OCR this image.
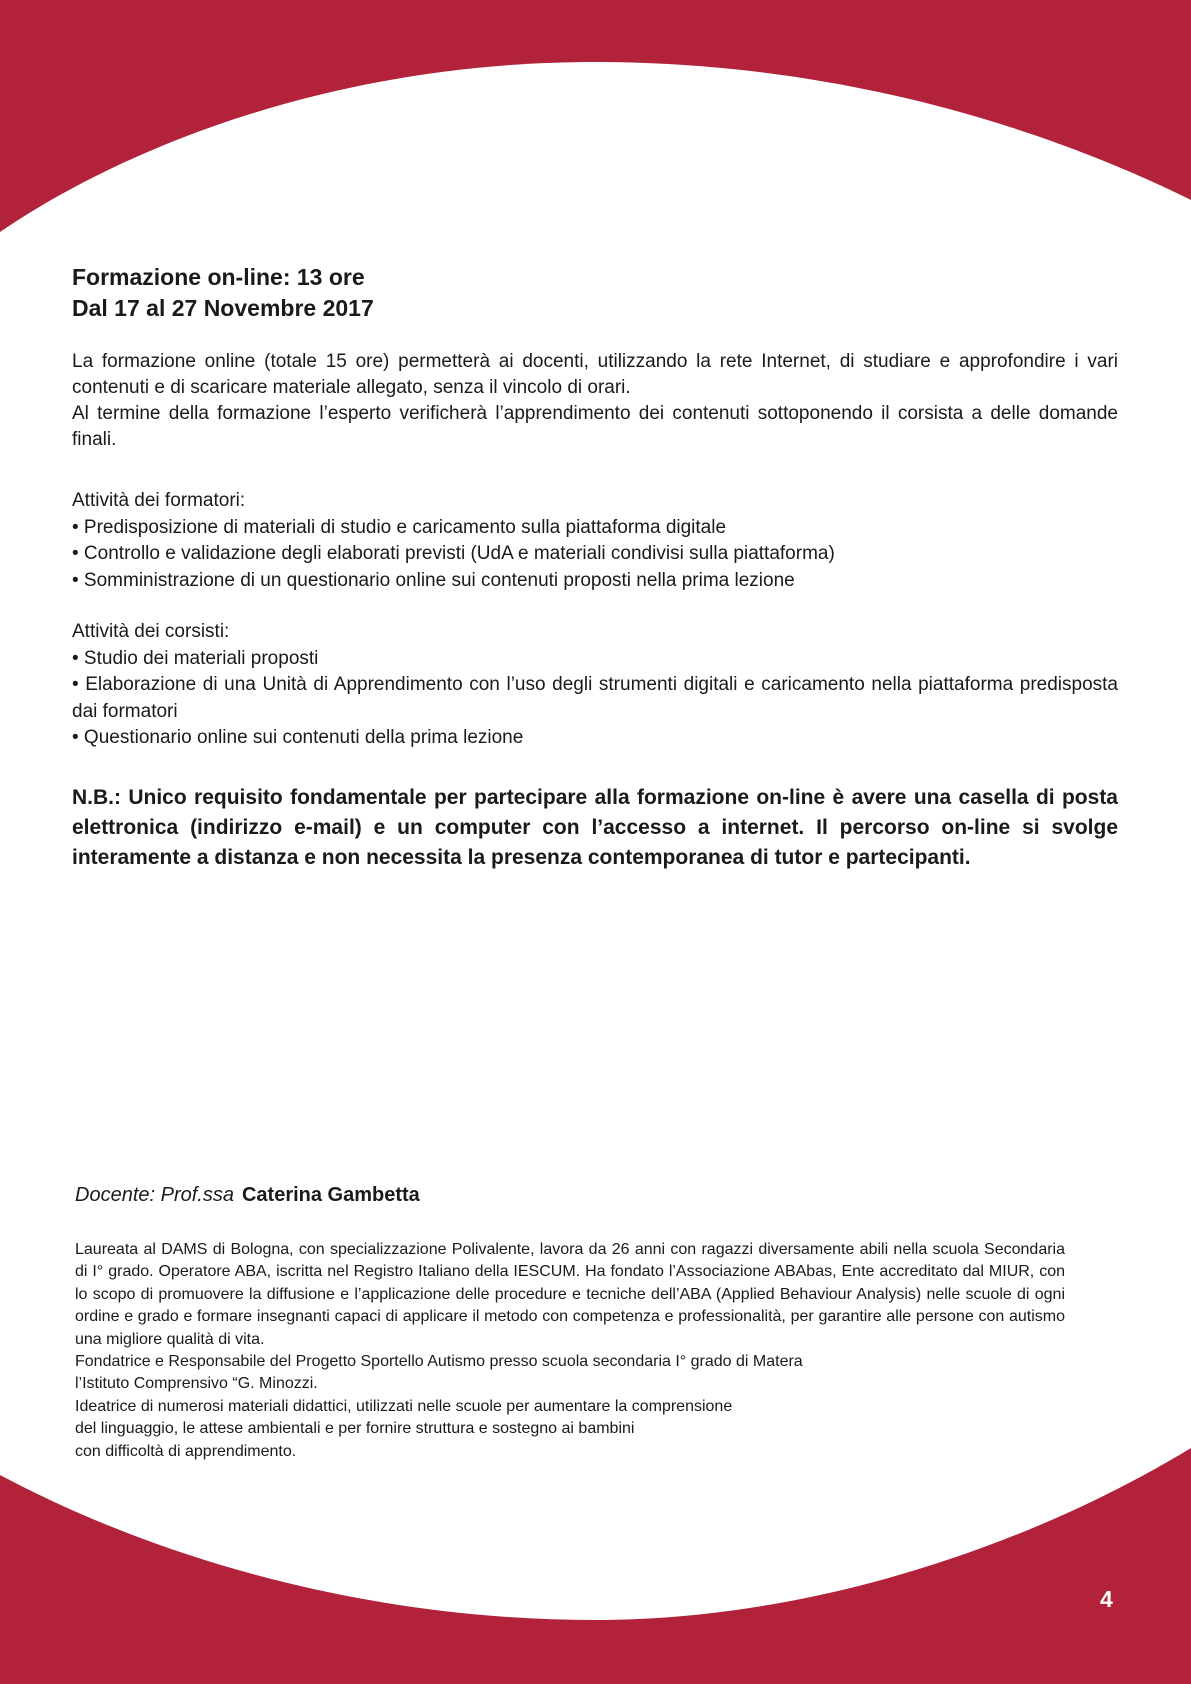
Formazione on-line: 13 ore

Dal 17 al 27 Novembre 2017

La formazione online (totale 15 ore) permetterà ai docenti, utilizzando la rete Internet, di studiare e approfondire i vari contenuti e di scaricare materiale allegato, senza il vincolo di orari.

Al termine della formazione l’esperto verificherà l’apprendimento dei contenuti sottoponendo il corsista a delle domande finali.

Attività dei formatori:

• Predisposizione di materiali di studio e caricamento sulla piattaforma digitale
• Controllo e validazione degli elaborati previsti (UdA e materiali condivisi sulla piattaforma)
• Somministrazione di un questionario online sui contenuti proposti nella prima lezione

Attività dei corsisti:

• Studio dei materiali proposti
• Elaborazione di una Unità di Apprendimento con l’uso degli strumenti digitali e caricamento nella piattaforma predisposta dai formatori
• Questionario online sui contenuti della prima lezione

N.B.: Unico requisito fondamentale per partecipare alla formazione on-line è avere una casella di posta elettronica (indirizzo e-mail) e un computer con l’accesso a internet. Il percorso on-line si svolge interamente a distanza e non necessita la presenza contemporanea di tutor e partecipanti.

Docente: Prof.ssa Caterina Gambetta

Laureata al DAMS di Bologna, con specializzazione Polivalente, lavora da 26 anni con ragazzi diversamente abili nella scuola Secondaria di I° grado. Operatore ABA, iscritta nel Registro Italiano della IESCUM. Ha fondato l’Associazione ABAbas, Ente accreditato dal MIUR, con lo scopo di promuovere la diffusione e l’applicazione delle procedure e tecniche dell’ABA (Applied Behaviour Analysis) nelle scuole di ogni ordine e grado e formare insegnanti capaci di applicare il metodo con competenza e professionalità, per garantire alle persone con autismo una migliore qualità di vita.

Fondatrice e Responsabile del Progetto Sportello Autismo presso scuola secondaria I° grado di Matera

l’Istituto Comprensivo “G. Minozzi.

Ideatrice di numerosi materiali didattici, utilizzati nelle scuole per aumentare la comprensione

del linguaggio, le attese ambientali e per fornire struttura e sostegno ai bambini

con difficoltà di apprendimento.

4
